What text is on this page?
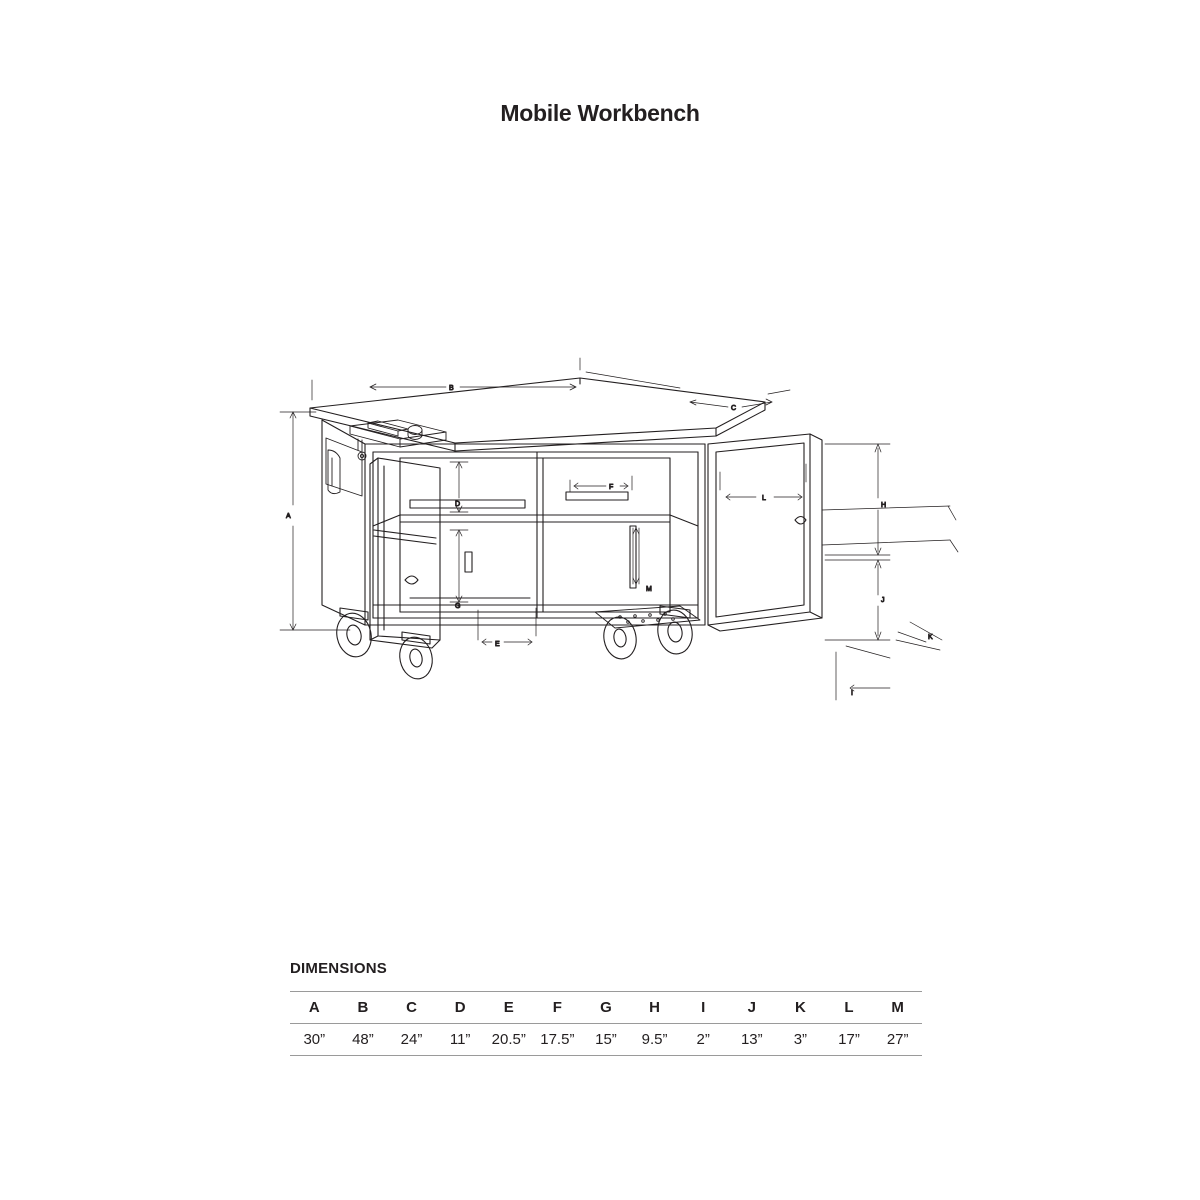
Mobile Workbench
A
B
C
D
E
F
G
H
I
J
K
L
M
DIMENSIONS
A	B	C	D	E	F	G	H	I	J	K	L	M
30”	48”	24”	11”	20.5”	17.5”	15”	9.5”	2”	13”	3”	17”	27”
